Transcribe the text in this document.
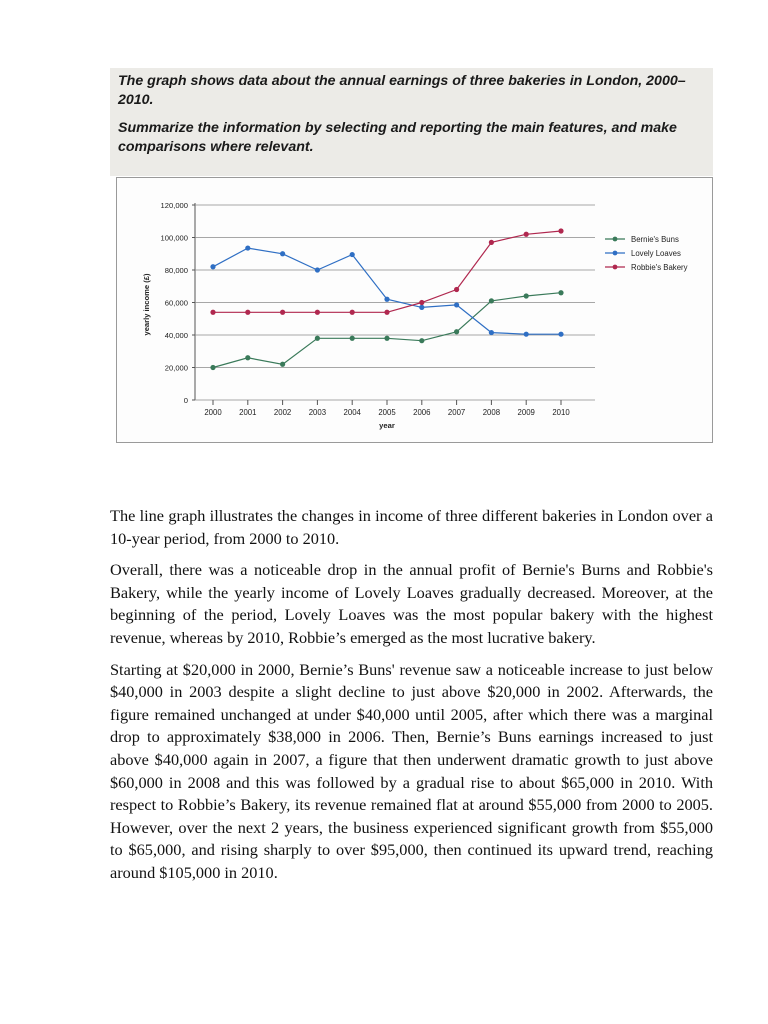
The graph shows data about the annual earnings of three bakeries in London, 2000–2010.

Summarize the information by selecting and reporting the main features, and make comparisons where relevant.

0
20,000
40,000
60,000
80,000
100,000
120,000
2000 2001 2002 2003 2004 2005 2006 2007 2008 2009 2010
year
yearly income (£)
Bernie's Buns
Lovely Loaves
Robbie's Bakery

The line graph illustrates the changes in income of three different bakeries in London over a 10-year period, from 2000 to 2010.

Overall, there was a noticeable drop in the annual profit of Bernie's Burns and Robbie's Bakery, while the yearly income of Lovely Loaves gradually decreased. Moreover, at the beginning of the period, Lovely Loaves was the most popular bakery with the highest revenue, whereas by 2010, Robbie’s emerged as the most lucrative bakery.

Starting at $20,000 in 2000, Bernie’s Buns' revenue saw a noticeable increase to just below $40,000 in 2003 despite a slight decline to just above $20,000 in 2002. Afterwards, the figure remained unchanged at under $40,000 until 2005, after which there was a marginal drop to approximately $38,000 in 2006. Then, Bernie’s Buns earnings increased to just above $40,000 again in 2007, a figure that then underwent dramatic growth to just above $60,000 in 2008 and this was followed by a gradual rise to about $65,000 in 2010. With respect to Robbie’s Bakery, its revenue remained flat at around $55,000 from 2000 to 2005. However, over the next 2 years, the business experienced significant growth from $55,000 to $65,000, and rising sharply to over $95,000, then continued its upward trend, reaching around $105,000 in 2010.
